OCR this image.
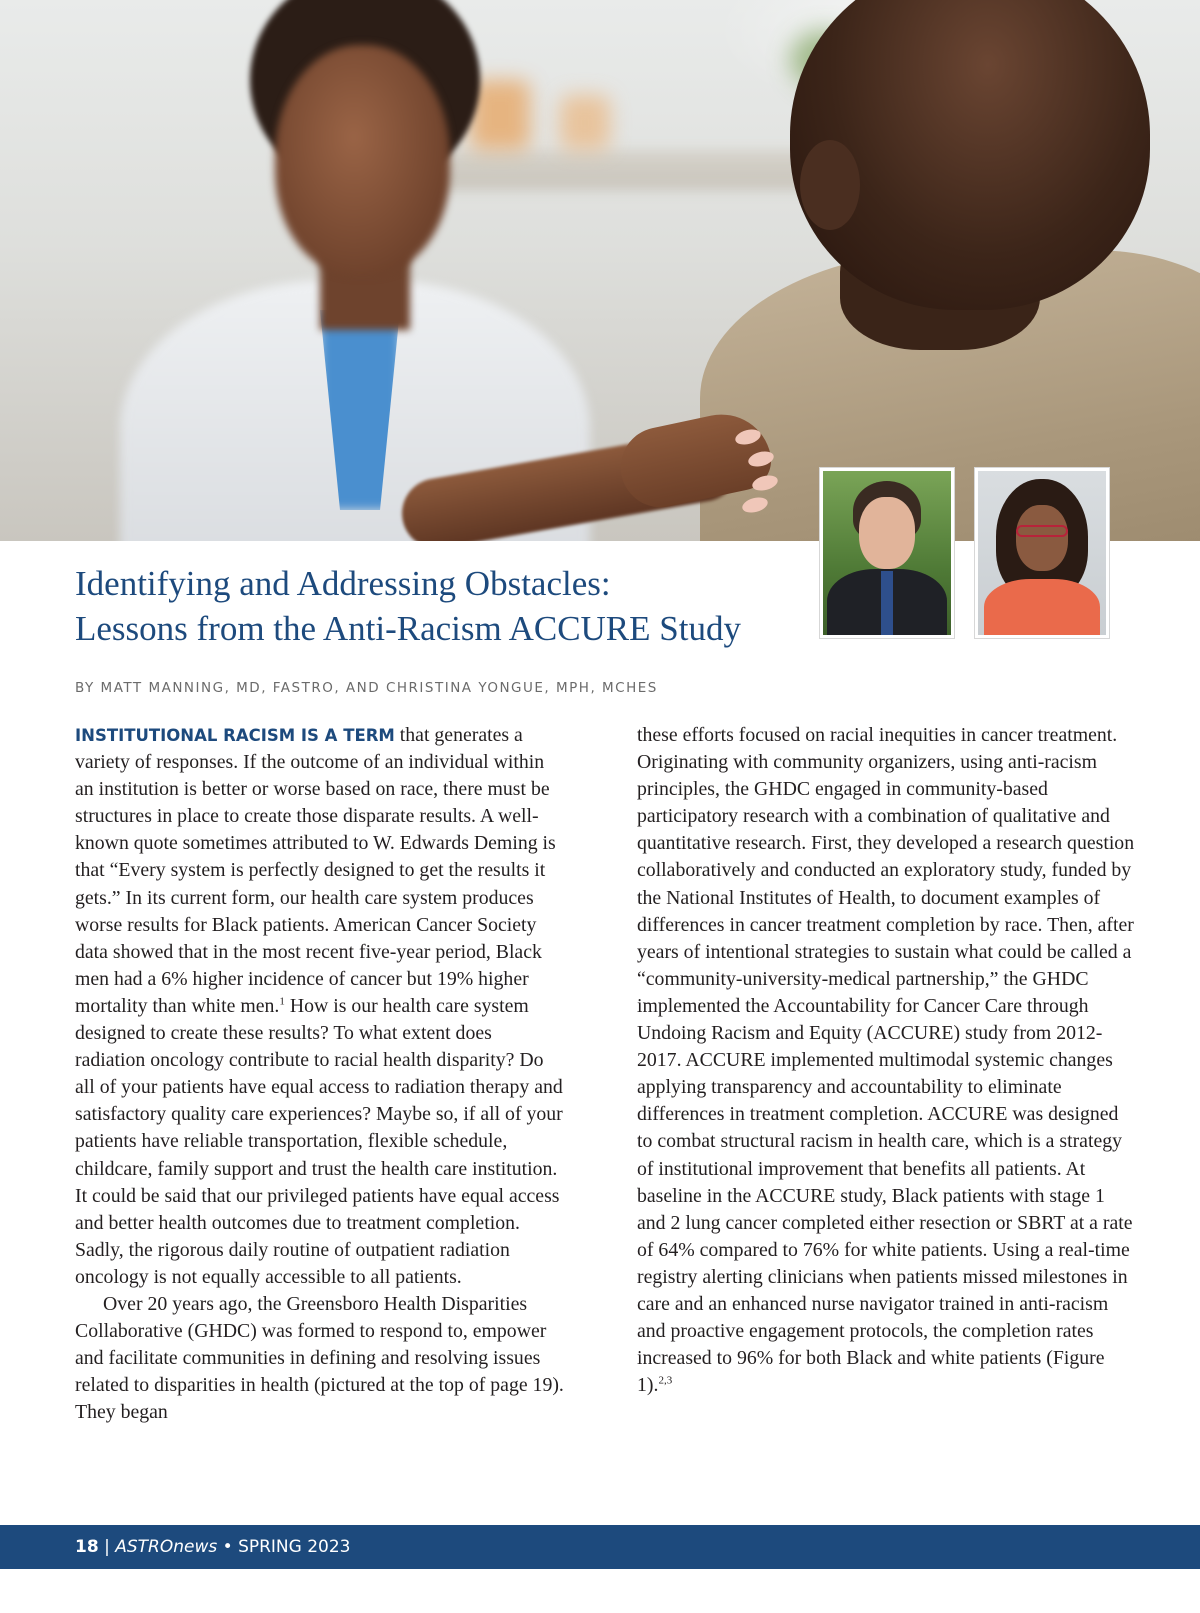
Identifying and Addressing Obstacles:
Lessons from the Anti-Racism ACCURE Study
BY MATT MANNING, MD, FASTRO, AND CHRISTINA YONGUE, MPH, MCHES

INSTITUTIONAL RACISM IS A TERM that generates a variety of responses. If the outcome of an individual within an institution is better or worse based on race, there must be structures in place to create those disparate results. A well-known quote sometimes attributed to W. Edwards Deming is that “Every system is perfectly designed to get the results it gets.” In its current form, our health care system produces worse results for Black patients. American Cancer Society data showed that in the most recent five-year period, Black men had a 6% higher incidence of cancer but 19% higher mortality than white men.$^1$ How is our health care system designed to create these results? To what extent does radiation oncology contribute to racial health disparity? Do all of your patients have equal access to radiation therapy and satisfactory quality care experiences? Maybe so, if all of your patients have reliable transportation, flexible schedule, childcare, family support and trust the health care institution. It could be said that our privileged patients have equal access and better health outcomes due to treatment completion. Sadly, the rigorous daily routine of outpatient radiation oncology is not equally accessible to all patients.

Over 20 years ago, the Greensboro Health Disparities Collaborative (GHDC) was formed to respond to, empower and facilitate communities in defining and resolving issues related to disparities in health (pictured at the top of page 19). They began

these efforts focused on racial inequities in cancer treatment. Originating with community organizers, using anti-racism principles, the GHDC engaged in community-based participatory research with a combination of qualitative and quantitative research. First, they developed a research question collaboratively and conducted an exploratory study, funded by the National Institutes of Health, to document examples of differences in cancer treatment completion by race. Then, after years of intentional strategies to sustain what could be called a “community-university-medical partnership,” the GHDC implemented the Accountability for Cancer Care through Undoing Racism and Equity (ACCURE) study from 2012-2017. ACCURE implemented multimodal systemic changes applying transparency and accountability to eliminate differences in treatment completion. ACCURE was designed to combat structural racism in health care, which is a strategy of institutional improvement that benefits all patients. At baseline in the ACCURE study, Black patients with stage 1 and 2 lung cancer completed either resection or SBRT at a rate of 64% compared to 76% for white patients. Using a real-time registry alerting clinicians when patients missed milestones in care and an enhanced nurse navigator trained in anti-racism and proactive engagement protocols, the completion rates increased to 96% for both Black and white patients (Figure 1).$^{2,3}$

18 | ASTROnews • SPRING 2023
